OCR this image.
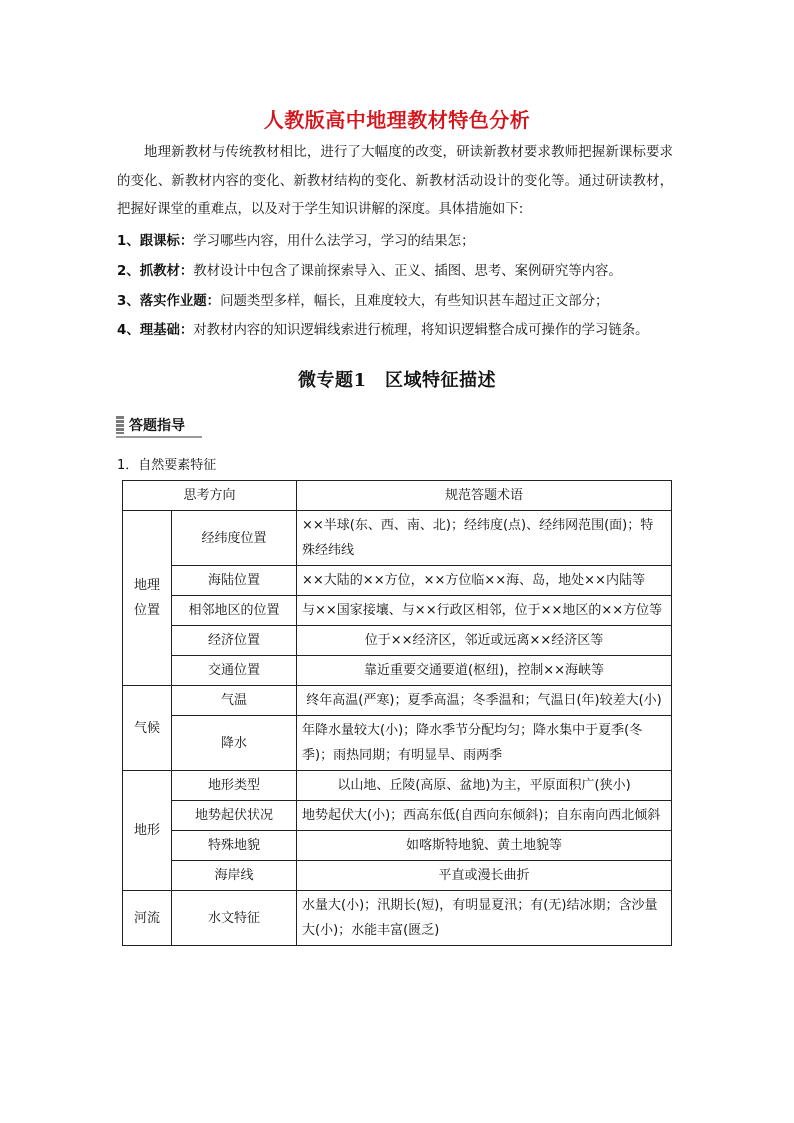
人教版高中地理教材特色分析

地理新教材与传统教材相比，进行了大幅度的改变，研读新教材要求教师把握新课标要求的变化、新教材内容的变化、新教材结构的变化、新教材活动设计的变化等。通过研读教材，把握好课堂的重难点，以及对于学生知识讲解的深度。具体措施如下:

1、跟课标：学习哪些内容，用什么法学习，学习的结果怎；
2、抓教材：教材设计中包含了课前探索导入、正义、插图、思考、案例研究等内容。
3、落实作业题：问题类型多样，幅长，且难度较大，有些知识甚车超过正文部分；
4、理基础：对教材内容的知识逻辑线索进行梳理，将知识逻辑整合成可操作的学习链条。
微专题1　区域特征描述
答题指导
1．自然要素特征
思考方向		规范答题术语
地理
位置	经纬度位置	××半球(东、西、南、北)；经纬度(点)、经纬网范围(面)；特殊经纬线
	海陆位置	××大陆的××方位，××方位临××海、岛，地处××内陆等
	相邻地区的位置	与××国家接壤、与××行政区相邻，位于××地区的××方位等
	经济位置	位于××经济区，邻近或远离××经济区等
	交通位置	靠近重要交通要道(枢纽)，控制××海峡等
气候	气温	终年高温(严寒)；夏季高温；冬季温和；气温日(年)较差大(小)
	降水	年降水量较大(小)；降水季节分配均匀；降水集中于夏季(冬季)；雨热同期；有明显旱、雨两季
地形	地形类型	以山地、丘陵(高原、盆地)为主，平原面积广(狭小)
	地势起伏状况	地势起伏大(小)；西高东低(自西向东倾斜)；自东南向西北倾斜
	特殊地貌	如喀斯特地貌、黄土地貌等
	海岸线	平直或漫长曲折
河流	水文特征	水量大(小)；汛期长(短)，有明显夏汛；有(无)结冰期；含沙量大(小)；水能丰富(匮乏)
